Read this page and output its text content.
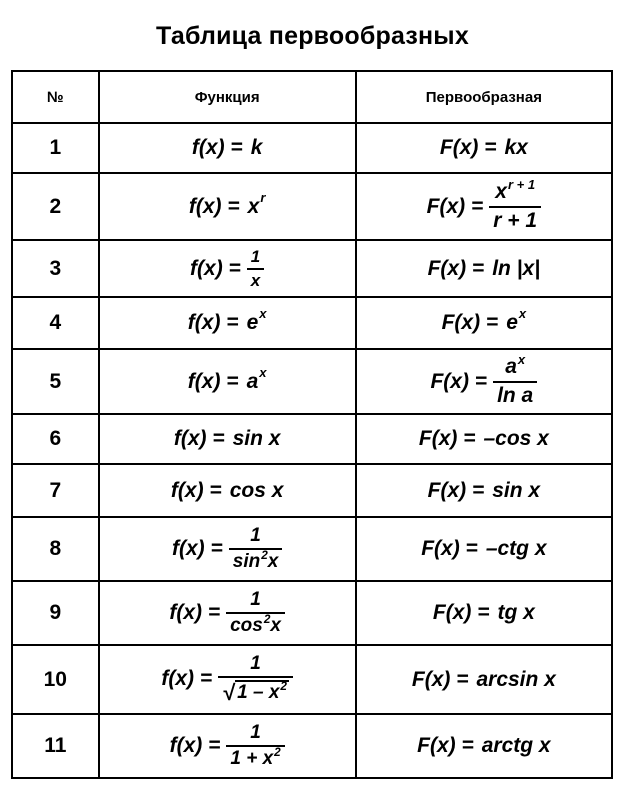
Таблица первообразных
№	Функция	Первообразная
1	f(x) = k	F(x) = kx

2	f(x) = x r	$F(x) = \frac{x^{r + 1}}{r + 1}$

3	$f(x) = \frac{1}{x}$	F(x) = ln |x|

4	f(x) = e x	F(x) = e x

5	f(x) = a x	$F(x) = \frac{a^x}{\text{ln a}}$

6	f(x) = sin x	F(x) = –cos x

7	f(x) = cos x	F(x) = sin x

8	$f(x) = \frac{1}{\sin^2x}$	F(x) = –ctg x

9	$f(x) = \frac{1}{\cos^2x}$	F(x) = tg x

10	$f(x) = \frac{1}{√ 1 - x^2}$	F(x) = arcsin x

11	$f(x) = \frac{1}{1 + x^2}$	F(x) = arctg x
